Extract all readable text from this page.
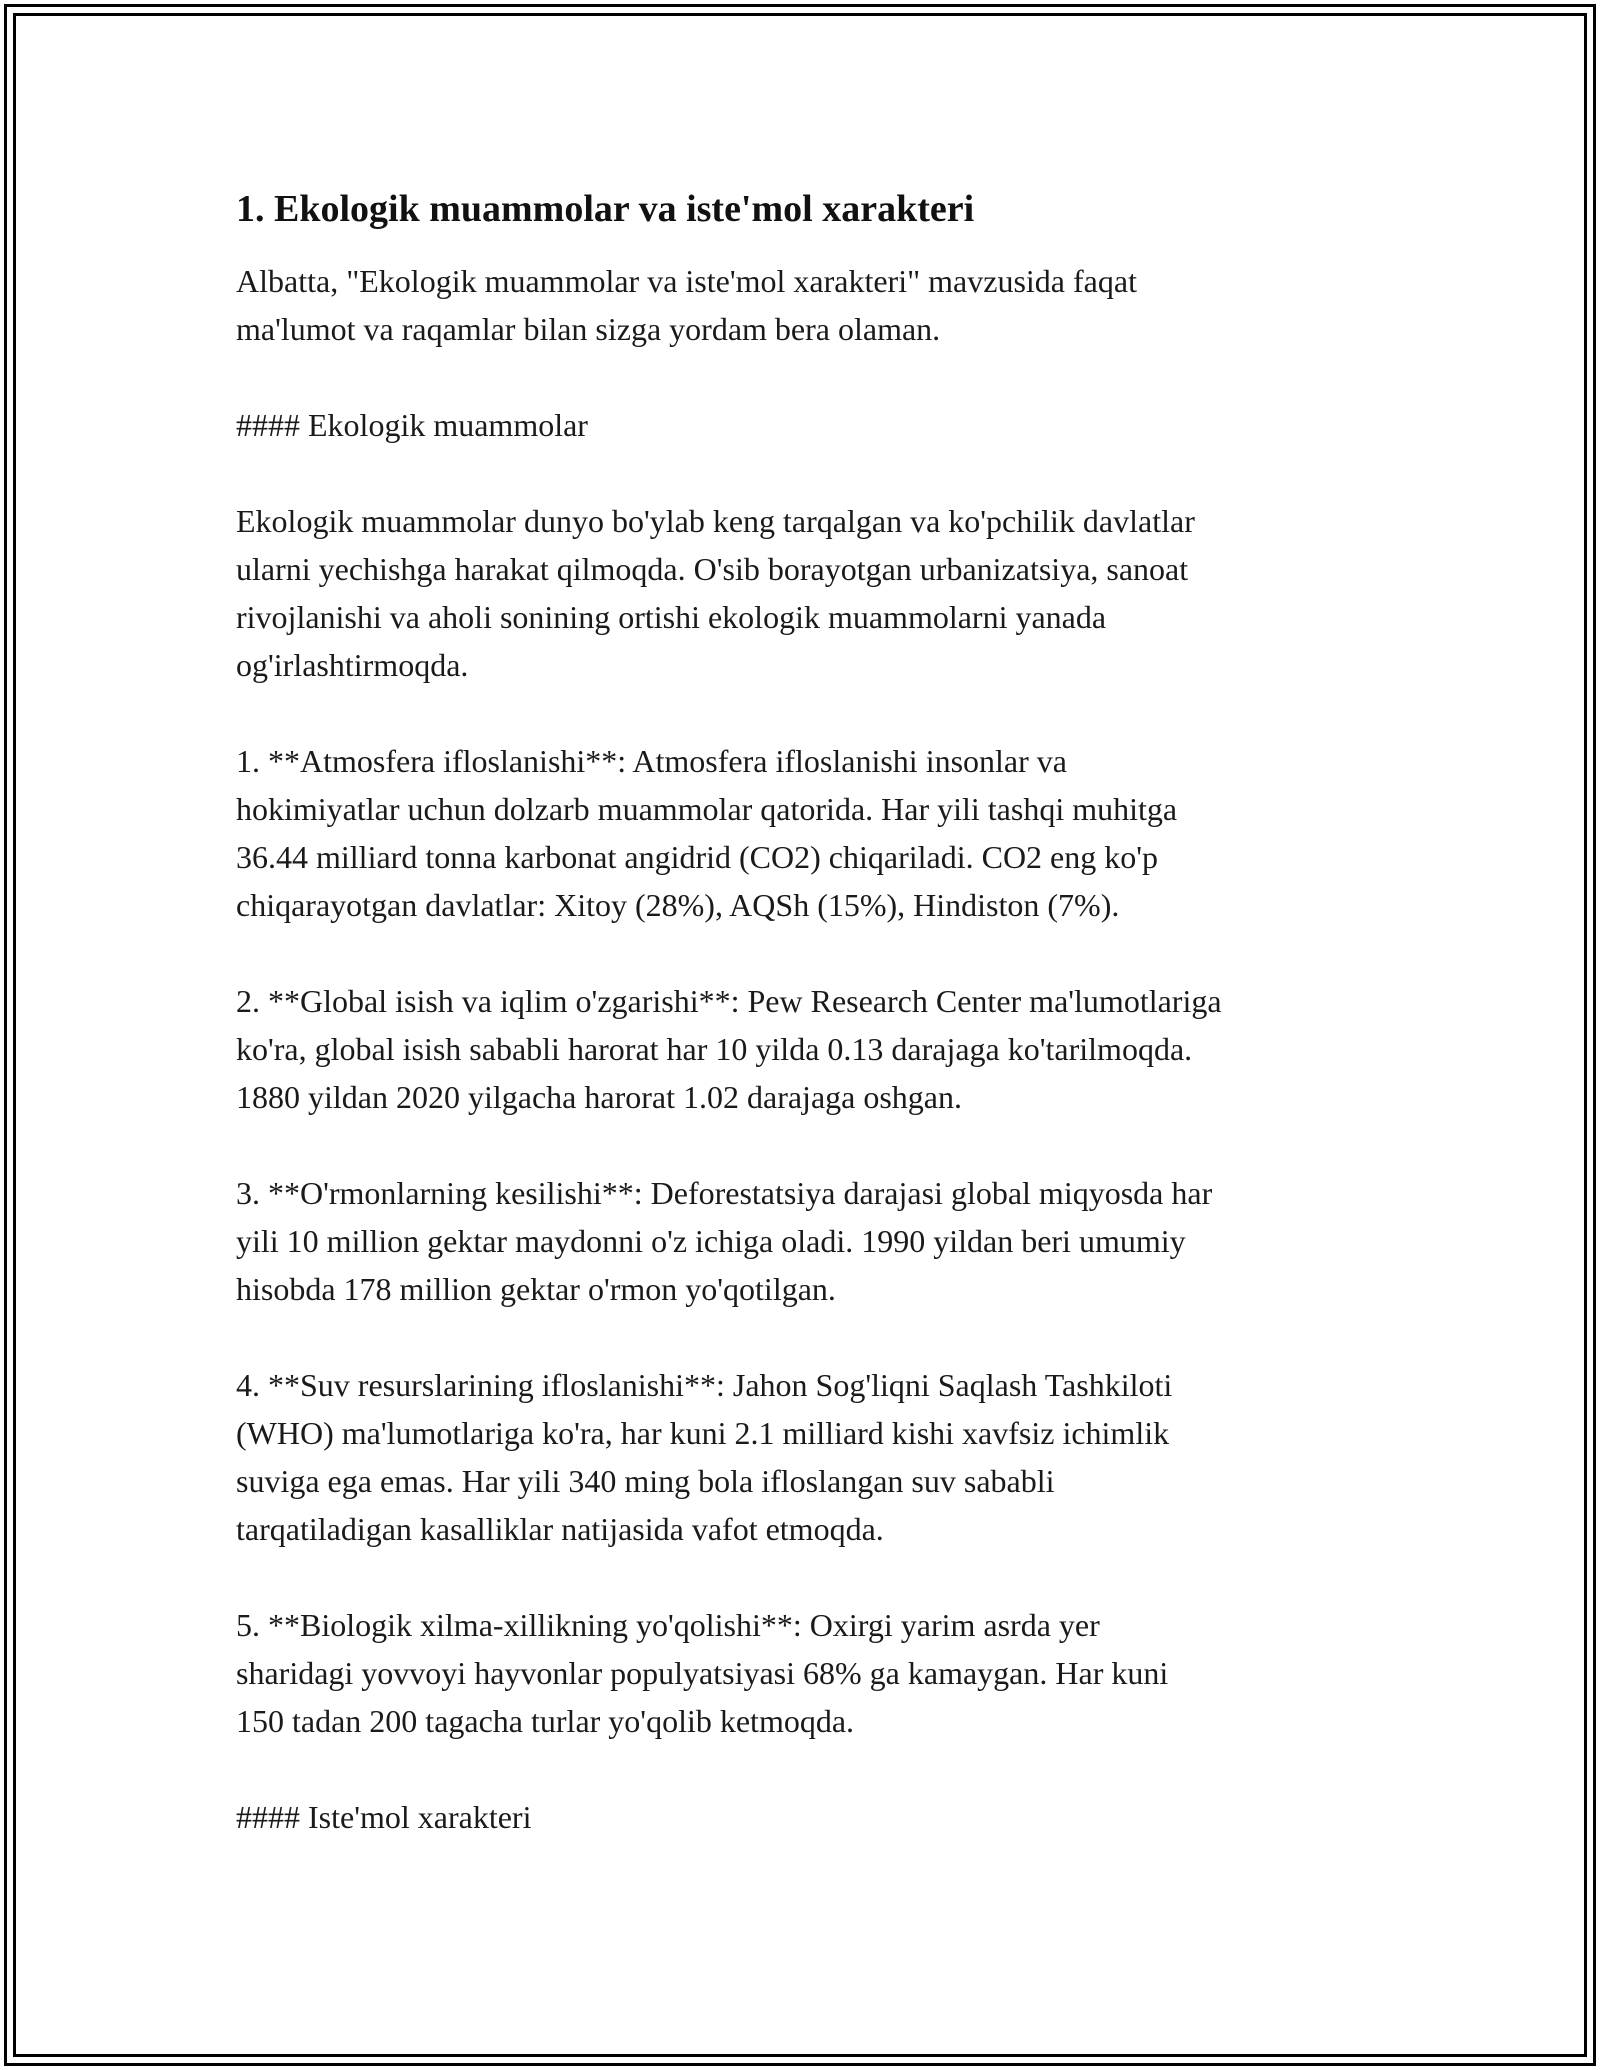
1. Ekologik muammolar va iste'mol xarakteri

Albatta, "Ekologik muammolar va iste'mol xarakteri" mavzusida faqat
ma'lumot va raqamlar bilan sizga yordam bera olaman.

#### Ekologik muammolar

Ekologik muammolar dunyo bo'ylab keng tarqalgan va ko'pchilik davlatlar
ularni yechishga harakat qilmoqda. O'sib borayotgan urbanizatsiya, sanoat
rivojlanishi va aholi sonining ortishi ekologik muammolarni yanada
og'irlashtirmoqda.

1. **Atmosfera ifloslanishi**: Atmosfera ifloslanishi insonlar va
hokimiyatlar uchun dolzarb muammolar qatorida. Har yili tashqi muhitga
36.44 milliard tonna karbonat angidrid (CO2) chiqariladi. CO2 eng ko'p
chiqarayotgan davlatlar: Xitoy (28%), AQSh (15%), Hindiston (7%).

2. **Global isish va iqlim o'zgarishi**: Pew Research Center ma'lumotlariga
ko'ra, global isish sababli harorat har 10 yilda 0.13 darajaga ko'tarilmoqda.
1880 yildan 2020 yilgacha harorat 1.02 darajaga oshgan.

3. **O'rmonlarning kesilishi**: Deforestatsiya darajasi global miqyosda har
yili 10 million gektar maydonni o'z ichiga oladi. 1990 yildan beri umumiy
hisobda 178 million gektar o'rmon yo'qotilgan.

4. **Suv resurslarining ifloslanishi**: Jahon Sog'liqni Saqlash Tashkiloti
(WHO) ma'lumotlariga ko'ra, har kuni 2.1 milliard kishi xavfsiz ichimlik
suviga ega emas. Har yili 340 ming bola ifloslangan suv sababli
tarqatiladigan kasalliklar natijasida vafot etmoqda.

5. **Biologik xilma-xillikning yo'qolishi**: Oxirgi yarim asrda yer
sharidagi yovvoyi hayvonlar populyatsiyasi 68% ga kamaygan. Har kuni
150 tadan 200 tagacha turlar yo'qolib ketmoqda.

#### Iste'mol xarakteri
